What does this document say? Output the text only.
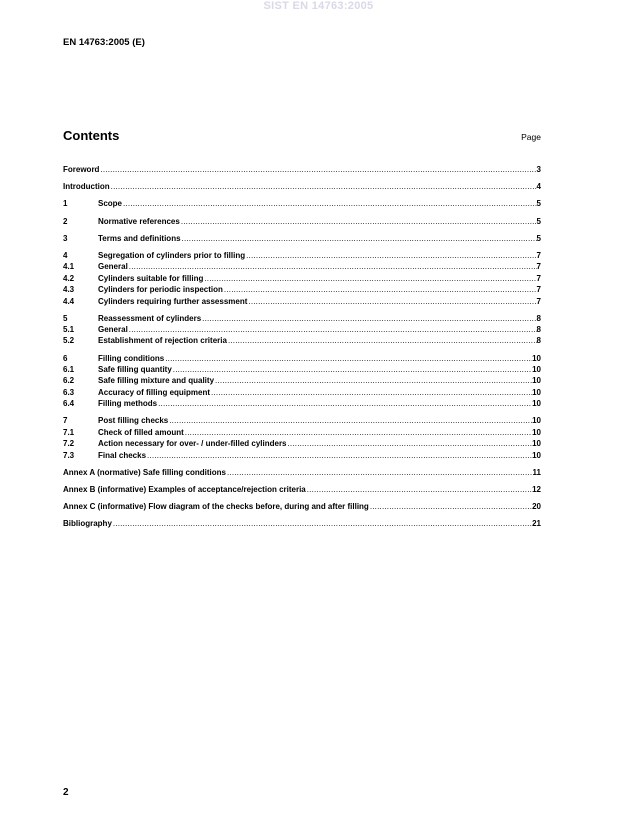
SIST EN 14763:2005
EN 14763:2005 (E)
Contents	Page
Foreword .....	3
Introduction .....	4
1	Scope .....	5
2	Normative references .....	5
3	Terms and definitions .....	5
4	Segregation of cylinders prior to filling .....	7
4.1	General .....	7
4.2	Cylinders suitable for filling .....	7
4.3	Cylinders for periodic inspection .....	7
4.4	Cylinders requiring further assessment .....	7
5	Reassessment of cylinders .....	8
5.1	General .....	8
5.2	Establishment of rejection criteria .....	8
6	Filling conditions .....	10
6.1	Safe filling quantity .....	10
6.2	Safe filling mixture and quality .....	10
6.3	Accuracy of filling equipment .....	10
6.4	Filling methods .....	10
7	Post filling checks .....	10
7.1	Check of filled amount .....	10
7.2	Action necessary for over- / under-filled cylinders .....	10
7.3	Final checks .....	10
Annex A (normative) Safe filling conditions .....	11
Annex B (informative) Examples of acceptance/rejection criteria .....	12
Annex C (informative) Flow diagram of the checks before, during and after filling .....	20
Bibliography .....	21
2
